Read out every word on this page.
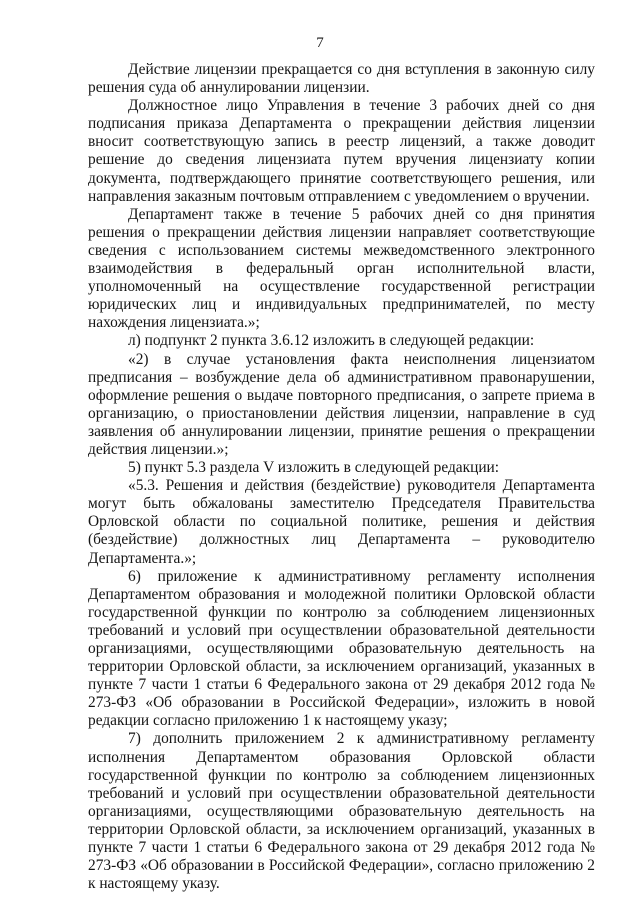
7

Действие лицензии прекращается со дня вступления в законную силу решения суда об аннулировании лицензии.

Должностное лицо Управления в течение 3 рабочих дней со дня подписания приказа Департамента о прекращении действия лицензии вносит соответствующую запись в реестр лицензий, а также доводит решение до сведения лицензиата путем вручения лицензиату копии документа, подтверждающего принятие соответствующего решения, или направления заказным почтовым отправлением с уведомлением о вручении.

Департамент также в течение 5 рабочих дней со дня принятия решения о прекращении действия лицензии направляет соответствующие сведения с использованием системы межведомственного электронного взаимодействия в федеральный орган исполнительной власти, уполномоченный на осуществление государственной регистрации юридических лиц и индивидуальных предпринимателей, по месту нахождения лицензиата.»;

л) подпункт 2 пункта 3.6.12 изложить в следующей редакции:

«2) в случае установления факта неисполнения лицензиатом предписания – возбуждение дела об административном правонарушении, оформление решения о выдаче повторного предписания, о запрете приема в организацию, о приостановлении действия лицензии, направление в суд заявления об аннулировании лицензии, принятие решения о прекращении действия лицензии.»;

5) пункт 5.3 раздела V изложить в следующей редакции:

«5.3. Решения и действия (бездействие) руководителя Департамента могут быть обжалованы заместителю Председателя Правительства Орловской области по социальной политике, решения и действия (бездействие) должностных лиц Департамента – руководителю Департамента.»;

6) приложение к административному регламенту исполнения Департаментом образования и молодежной политики Орловской области государственной функции по контролю за соблюдением лицензионных требований и условий при осуществлении образовательной деятельности организациями, осуществляющими образовательную деятельность на территории Орловской области, за исключением организаций, указанных в пункте 7 части 1 статьи 6 Федерального закона от 29 декабря 2012 года № 273-ФЗ «Об образовании в Российской Федерации», изложить в новой редакции согласно приложению 1 к настоящему указу;

7) дополнить приложением 2 к административному регламенту исполнения Департаментом образования Орловской области государственной функции по контролю за соблюдением лицензионных требований и условий при осуществлении образовательной деятельности организациями, осуществляющими образовательную деятельность на территории Орловской области, за исключением организаций, указанных в пункте 7 части 1 статьи 6 Федерального закона от 29 декабря 2012 года № 273-ФЗ «Об образовании в Российской Федерации», согласно приложению 2 к настоящему указу.
